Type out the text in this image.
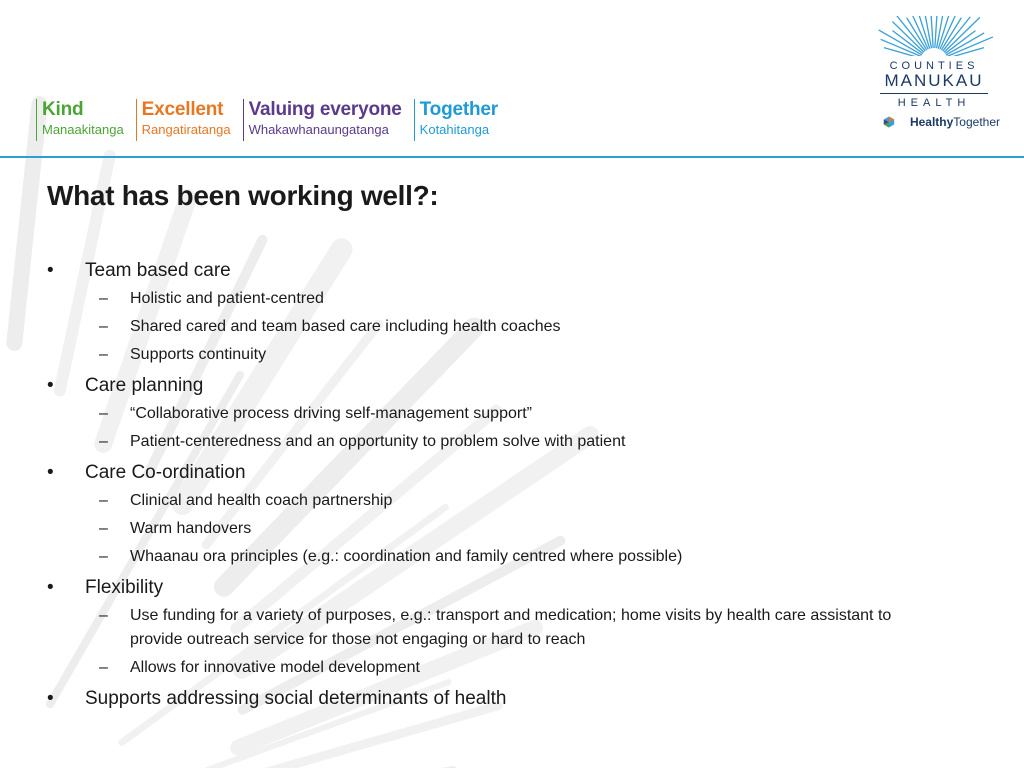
Kind
Manaakitanga
Excellent
Rangatiratanga
Valuing everyone
Whakawhanaungatanga
Together
Kotahitanga
COUNTIES
MANUKAU
HEALTH
Healthy Together
What has been working well?:
• Team based care
– Holistic and patient-centred
– Shared cared and team based care including health coaches
– Supports continuity
• Care planning
– “Collaborative process driving self-management support”
– Patient-centeredness and an opportunity to problem solve with patient
• Care Co-ordination
– Clinical and health coach partnership
– Warm handovers
– Whaanau ora principles (e.g.: coordination and family centred where possible)
• Flexibility
– Use funding for a variety of purposes, e.g.: transport and medication; home visits by health care assistant to provide outreach service for those not engaging or hard to reach
– Allows for innovative model development
• Supports addressing social determinants of health
